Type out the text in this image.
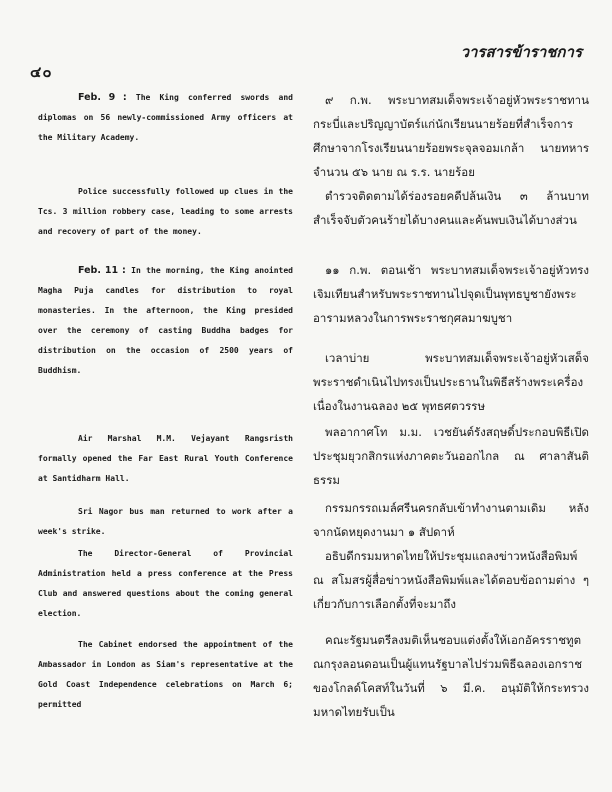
๔๐
วารสารข้าราชการ

Feb. 9 : The King conferred swords and diplomas on 56 newly-commissioned Army officers at the Military Academy.

Police successfully followed up clues in the Tcs. 3 million robbery case, leading to some arrests and recovery of part of the money.

Feb. 11 : In the morning, the King anointed Magha Puja candles for distribution to royal monasteries. In the afternoon, the King presided over the ceremony of casting Buddha badges for distribution on the occasion of 2500 years of Buddhism.

Air Marshal M.M. Vejayant Rangsristh formally opened the Far East Rural Youth Conference at Santidharm Hall.

Sri Nagor bus man returned to work after a week's strike.

The Director-General of Provincial Administration held a press conference at the Press Club and answered questions about the coming general election.

The Cabinet endorsed the appointment of the Ambassador in London as Siam's representative at the Gold Coast Independence celebrations on March 6; permitted

๙ ก.พ. พระบาทสมเด็จพระเจ้าอยู่หัวพระราชทานกระบี่และปริญญาบัตร์แก่นักเรียนนายร้อยที่สำเร็จการศึกษาจากโรงเรียนนายร้อยพระจุลจอมเกล้า นายทหารจำนวน ๕๖ นาย ณ ร.ร. นายร้อย

ตำรวจติดตามได้ร่องรอยคดีปล้นเงิน ๓ ล้านบาทสำเร็จจับตัวคนร้ายได้บางคนและค้นพบเงินได้บางส่วน

๑๑ ก.พ. ตอนเช้า พระบาทสมเด็จพระเจ้าอยู่หัวทรงเจิมเทียนสำหรับพระราชทานไปจุดเป็นพุทธบูชายังพระอารามหลวงในการพระราชกุศลมาฆบูชา

เวลาบ่าย พระบาทสมเด็จพระเจ้าอยู่หัวเสด็จพระราชดำเนินไปทรงเป็นประธานในพิธีสร้างพระเครื่องเนื่องในงานฉลอง ๒๕ พุทธศตวรรษ

พลอากาศโท ม.ม. เวชยันต์รังสฤษดิ์ประกอบพิธีเปิดประชุมยุวกสิกรแห่งภาคตะวันออกไกล ณ ศาลาสันติธรรม

กรรมกรรถเมล์ศรีนครกลับเข้าทำงานตามเดิม หลังจากนัดหยุดงานมา ๑ สัปดาห์

อธิบดีกรมมหาดไทยให้ประชุมแถลงข่าวหนังสือพิมพ์ ณ สโมสรผู้สื่อข่าวหนังสือพิมพ์และได้ตอบข้อถามต่าง ๆ เกี่ยวกับการเลือกตั้งที่จะมาถึง

คณะรัฐมนตรีลงมติเห็นชอบแต่งตั้งให้เอกอัครราชทูตณกรุงลอนดอนเป็นผู้แทนรัฐบาลไปร่วมพิธีฉลองเอกราชของโกลด์โคสท์ในวันที่ ๖ มี.ค. อนุมัติให้กระทรวงมหาดไทยรับเป็น
